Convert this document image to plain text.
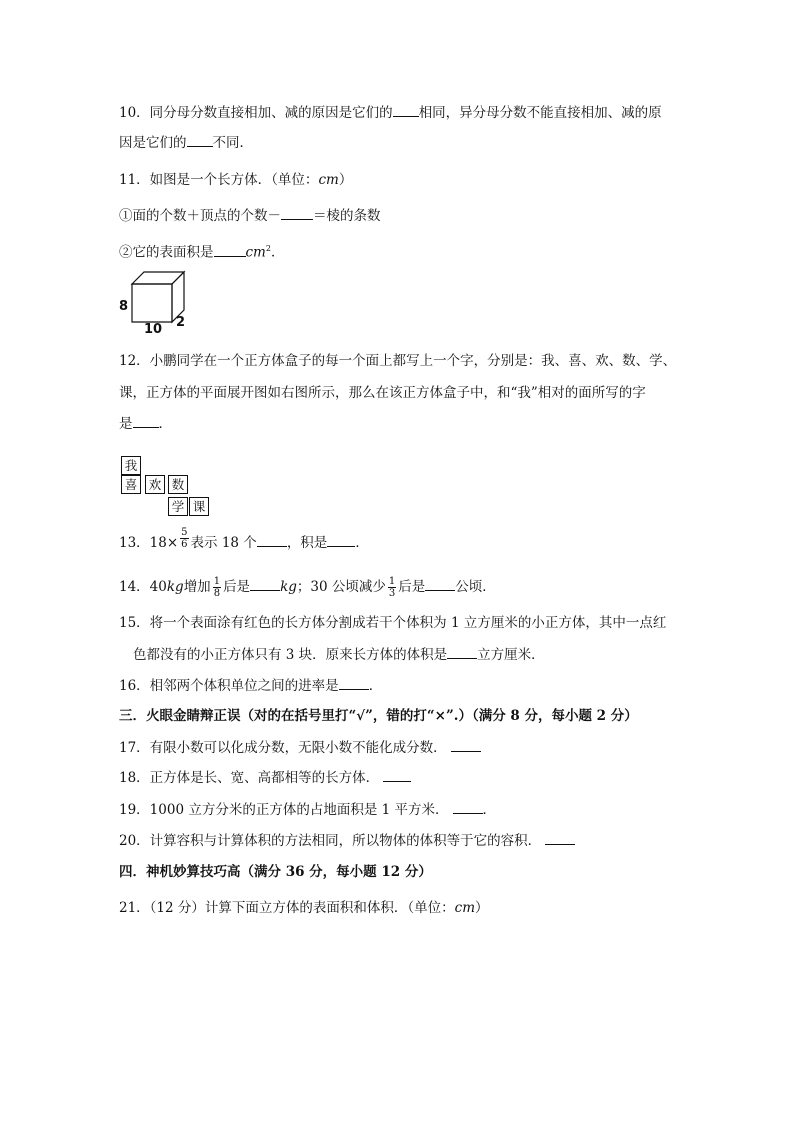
10．同分母分数直接相加、减的原因是它们的 相同，异分母分数不能直接相加、减的原
因是它们的 不同．
11．如图是一个长方体．（单位：cm）
①面的个数＋顶点的个数－ ＝棱的条数
②它的表面积是 $cm^2$．
8
10 2
12．小鹏同学在一个正方体盒子的每一个面上都写上一个字，分别是：我、喜、欢、数、学、
课，正方体的平面展开图如右图所示，那么在该正方体盒子中，和“我”相对的面所写的字
是 ．
我
喜 欢 数
学 课
13．$18\times \frac{5}{6}$ 表示 18 个 ，积是 ．
14．40kg增加 $\frac{1}{8}$ 后是 kg；30 公顷减少 $\frac{1}{3}$ 后是 公顷．
15．将一个表面涂有红色的长方体分割成若干个体积为 1 立方厘米的小正方体，其中一点红
色都没有的小正方体只有 3 块．原来长方体的体积是 立方厘米．
16．相邻两个体积单位之间的进率是 ．
三．火眼金睛辩正误（对的在括号里打“√”，错的打“×”.）（满分 8 分，每小题 2 分）
17．有限小数可以化成分数，无限小数不能化成分数．
18．正方体是长、宽、高都相等的长方体．
19．1000 立方分米的正方体的占地面积是 1 平方米．	．
20．计算容积与计算体积的方法相同，所以物体的体积等于它的容积．
四．神机妙算技巧高（满分 36 分，每小题 12 分）
21．（12 分）计算下面立方体的表面积和体积．（单位：cm）
